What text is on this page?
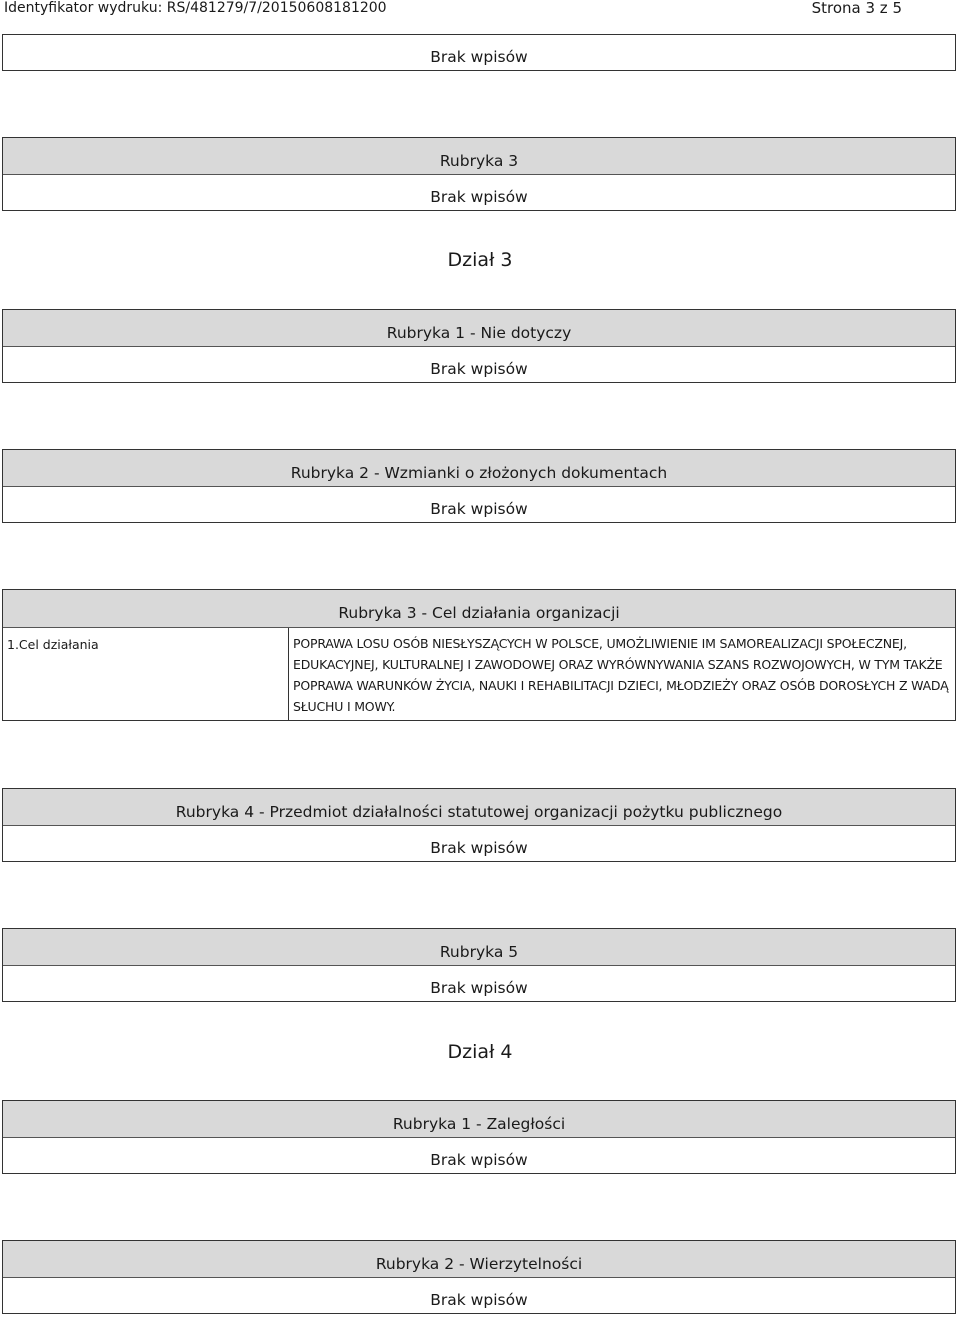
Identyfikator wydruku: RS/481279/7/20150608181200	Strona 3 z 5
Brak wpisów
Rubryka 3
Brak wpisów
Dział 3
Rubryka 1 - Nie dotyczy
Brak wpisów
Rubryka 2 - Wzmianki o złożonych dokumentach
Brak wpisów
Rubryka 3 - Cel działania organizacji
1.Cel działania	POPRAWA LOSU OSÓB NIESŁYSZĄCYCH W POLSCE, UMOŻLIWIENIE IM SAMOREALIZACJI SPOŁECZNEJ, EDUKACYJNEJ, KULTURALNEJ I ZAWODOWEJ ORAZ WYRÓWNYWANIA SZANS ROZWOJOWYCH, W TYM TAKŻE POPRAWA WARUNKÓW ŻYCIA, NAUKI I REHABILITACJI DZIECI, MŁODZIEŻY ORAZ OSÓB DOROSŁYCH Z WADĄ SŁUCHU I MOWY.
Rubryka 4 - Przedmiot działalności statutowej organizacji pożytku publicznego
Brak wpisów
Rubryka 5
Brak wpisów
Dział 4
Rubryka 1 - Zaległości
Brak wpisów
Rubryka 2 - Wierzytelności
Brak wpisów
